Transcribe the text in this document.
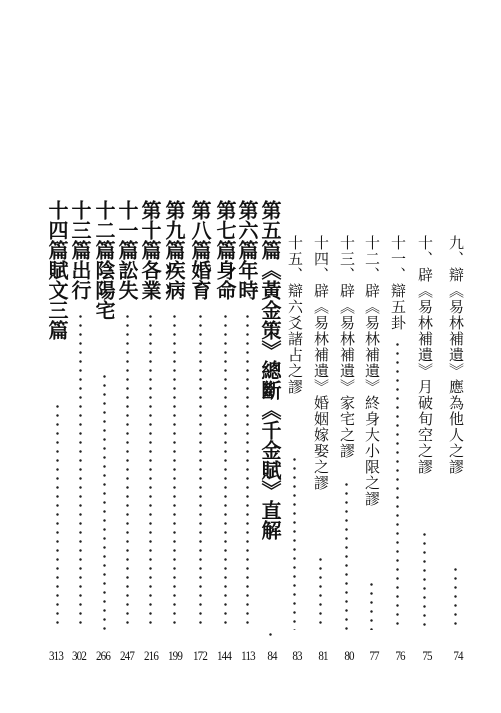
九、辯《易林補遺》應為他人之謬
十、辟《易林補遺》月破旬空之謬
十一、辯五卦
十二、辟《易林補遺》終身大小限之謬
十三、辟《易林補遺》家宅之謬
十四、辟《易林補遺》婚姻嫁娶之謬
十五、辯六爻諸占之謬
第五篇《黃金策》總斷《千金賦》直解
第六篇年時
第七篇身命
第八篇婚育
第九篇疾病
第十篇各業
十一篇訟失
十二篇陰陽宅
十三篇出行
十四篇賦文三篇
74
75
76
77
80
81
83
84
113
144
172
199
216
247
266
302
313
